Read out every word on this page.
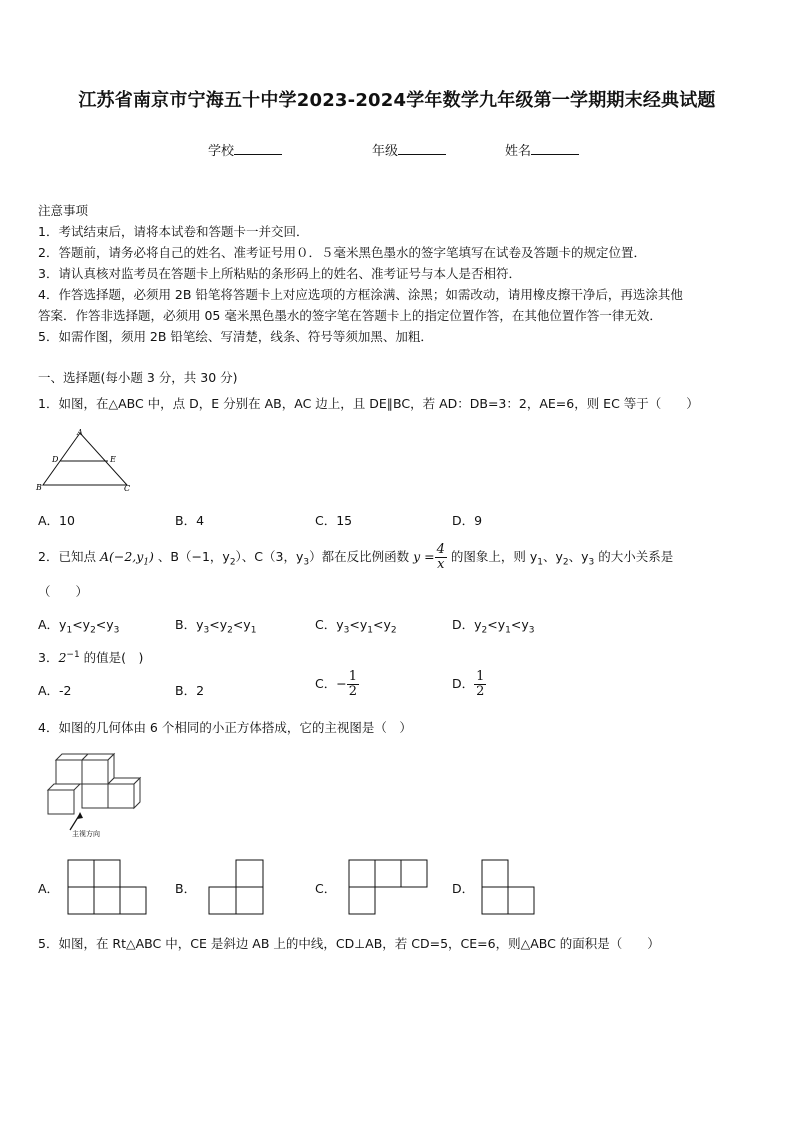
江苏省南京市宁海五十中学2023-2024学年数学九年级第一学期期末经典试题
学校	年级	姓名
注意事项
1．考试结束后，请将本试卷和答题卡一并交回．
2．答题前，请务必将自己的姓名、准考证号用０．５毫米黑色墨水的签字笔填写在试卷及答题卡的规定位置．
3．请认真核对监考员在答题卡上所粘贴的条形码上的姓名、准考证号与本人是否相符．
4．作答选择题，必须用 2B 铅笔将答题卡上对应选项的方框涂满、涂黑；如需改动，请用橡皮擦干净后，再选涂其他
答案．作答非选择题，必须用 05 毫米黑色墨水的签字笔在答题卡上的指定位置作答，在其他位置作答一律无效．
5．如需作图，须用 2B 铅笔绘、写清楚，线条、符号等须加黑、加粗．
一、选择题(每小题 3 分，共 30 分)
1．如图，在△ABC 中，点 D，E 分别在 AB，AC 边上，且 DE∥BC，若 AD：DB=3：2，AE=6，则 EC 等于（　　）
A
D	E
B	C
A．10	B．4	C．15	D．9
2．已知点 $A(-2,y_1)$ 、B（−1，$y_2$）、C（3，$y_3$）都在反比例函数 $y = \frac{4}{x}$ 的图象上，则 $y_1$、$y_2$、$y_3$ 的大小关系是
（　　）
A．$y_1<y_2<y_3$	B．$y_3<y_2<y_1$	C．$y_3<y_1<y_2$	D．$y_2<y_1<y_3$
3．$2^{-1}$ 的值是(　)
A．-2	B．2	C．− $\frac{1}{2}$	D． $\frac{1}{2}$
4．如图的几何体由 6 个相同的小正方体搭成，它的主视图是（　）
主视方向
A．	B．	C．	D．
5．如图，在 Rt△ABC 中，CE 是斜边 AB 上的中线，CD⊥AB，若 CD=5，CE=6，则△ABC 的面积是（　　）
